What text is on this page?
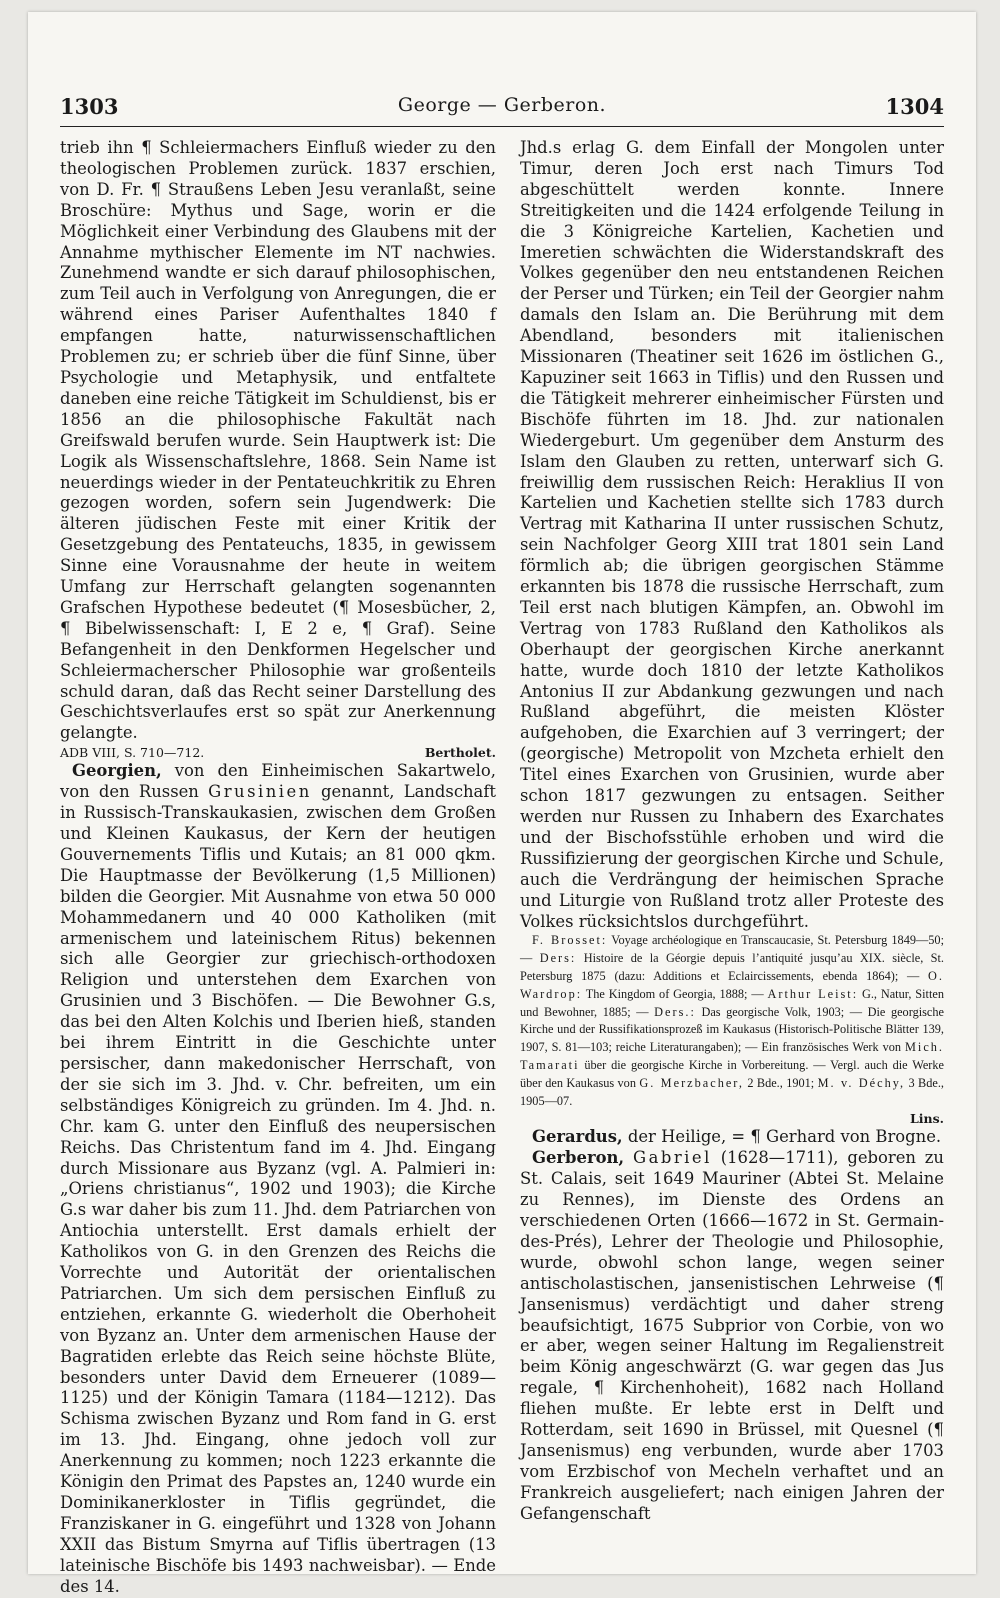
1303	George — Gerberon.	1304

trieb ihn ¶ Schleiermachers Einfluß wieder zu den theologischen Problemen zurück. 1837 erschien, von D. Fr. ¶ Straußens Leben Jesu veranlaßt, seine Broschüre: Mythus und Sage, worin er die Möglichkeit einer Verbindung des Glaubens mit der Annahme mythischer Elemente im NT nachwies. Zunehmend wandte er sich darauf philosophischen, zum Teil auch in Verfolgung von Anregungen, die er während eines Pariser Aufenthaltes 1840 f empfangen hatte, naturwissenschaftlichen Problemen zu; er schrieb über die fünf Sinne, über Psychologie und Metaphysik, und entfaltete daneben eine reiche Tätigkeit im Schuldienst, bis er 1856 an die philosophische Fakultät nach Greifswald berufen wurde. Sein Hauptwerk ist: Die Logik als Wissenschaftslehre, 1868. Sein Name ist neuerdings wieder in der Pentateuchkritik zu Ehren gezogen worden, sofern sein Jugendwerk: Die älteren jüdischen Feste mit einer Kritik der Gesetzgebung des Pentateuchs, 1835, in gewissem Sinne eine Vorausnahme der heute in weitem Umfang zur Herrschaft gelangten sogenannten Grafschen Hypothese bedeutet (¶ Mosesbücher, 2, ¶ Bibelwissenschaft: I, E 2 e, ¶ Graf). Seine Befangenheit in den Denkformen Hegelscher und Schleiermacherscher Philosophie war großenteils schuld daran, daß das Recht seiner Darstellung des Geschichtsverlaufes erst so spät zur Anerkennung gelangte.

ADB VIII, S. 710—712.	Bertholet.

Georgien, von den Einheimischen Sakartwelo, von den Russen Grusinien genannt, Landschaft in Russisch-Transkaukasien, zwischen dem Großen und Kleinen Kaukasus, der Kern der heutigen Gouvernements Tiflis und Kutais; an 81 000 qkm. Die Hauptmasse der Bevölkerung (1,5 Millionen) bilden die Georgier. Mit Ausnahme von etwa 50 000 Mohammedanern und 40 000 Katholiken (mit armenischem und lateinischem Ritus) bekennen sich alle Georgier zur griechisch-orthodoxen Religion und unterstehen dem Exarchen von Grusinien und 3 Bischöfen. — Die Bewohner G.s, das bei den Alten Kolchis und Iberien hieß, standen bei ihrem Eintritt in die Geschichte unter persischer, dann makedonischer Herrschaft, von der sie sich im 3. Jhd. v. Chr. befreiten, um ein selbständiges Königreich zu gründen. Im 4. Jhd. n. Chr. kam G. unter den Einfluß des neupersischen Reichs. Das Christentum fand im 4. Jhd. Eingang durch Missionare aus Byzanz (vgl. A. Palmieri in: „Oriens christianus“, 1902 und 1903); die Kirche G.s war daher bis zum 11. Jhd. dem Patriarchen von Antiochia unterstellt. Erst damals erhielt der Katholikos von G. in den Grenzen des Reichs die Vorrechte und Autorität der orientalischen Patriarchen. Um sich dem persischen Einfluß zu entziehen, erkannte G. wiederholt die Oberhoheit von Byzanz an. Unter dem armenischen Hause der Bagratiden erlebte das Reich seine höchste Blüte, besonders unter David dem Erneuerer (1089—1125) und der Königin Tamara (1184—1212). Das Schisma zwischen Byzanz und Rom fand in G. erst im 13. Jhd. Eingang, ohne jedoch voll zur Anerkennung zu kommen; noch 1223 erkannte die Königin den Primat des Papstes an, 1240 wurde ein Dominikanerkloster in Tiflis gegründet, die Franziskaner in G. eingeführt und 1328 von Johann XXII das Bistum Smyrna auf Tiflis übertragen (13 lateinische Bischöfe bis 1493 nachweisbar). — Ende des 14.

Jhd.s erlag G. dem Einfall der Mongolen unter Timur, deren Joch erst nach Timurs Tod abgeschüttelt werden konnte. Innere Streitigkeiten und die 1424 erfolgende Teilung in die 3 Königreiche Kartelien, Kachetien und Imeretien schwächten die Widerstandskraft des Volkes gegenüber den neu entstandenen Reichen der Perser und Türken; ein Teil der Georgier nahm damals den Islam an. Die Berührung mit dem Abendland, besonders mit italienischen Missionaren (Theatiner seit 1626 im östlichen G., Kapuziner seit 1663 in Tiflis) und den Russen und die Tätigkeit mehrerer einheimischer Fürsten und Bischöfe führten im 18. Jhd. zur nationalen Wiedergeburt. Um gegenüber dem Ansturm des Islam den Glauben zu retten, unterwarf sich G. freiwillig dem russischen Reich: Heraklius II von Kartelien und Kachetien stellte sich 1783 durch Vertrag mit Katharina II unter russischen Schutz, sein Nachfolger Georg XIII trat 1801 sein Land förmlich ab; die übrigen georgischen Stämme erkannten bis 1878 die russische Herrschaft, zum Teil erst nach blutigen Kämpfen, an. Obwohl im Vertrag von 1783 Rußland den Katholikos als Oberhaupt der georgischen Kirche anerkannt hatte, wurde doch 1810 der letzte Katholikos Antonius II zur Abdankung gezwungen und nach Rußland abgeführt, die meisten Klöster aufgehoben, die Exarchien auf 3 verringert; der (georgische) Metropolit von Mzcheta erhielt den Titel eines Exarchen von Grusinien, wurde aber schon 1817 gezwungen zu entsagen. Seither werden nur Russen zu Inhabern des Exarchates und der Bischofsstühle erhoben und wird die Russifizierung der georgischen Kirche und Schule, auch die Verdrängung der heimischen Sprache und Liturgie von Rußland trotz aller Proteste des Volkes rücksichtslos durchgeführt.

F. Brosset: Voyage archéologique en Transcaucasie, St. Petersburg 1849—50; — Ders: Histoire de la Géorgie depuis l’antiquité jusqu’au XIX. siècle, St. Petersburg 1875 (dazu: Additions et Eclaircissements, ebenda 1864); — O. Wardrop: The Kingdom of Georgia, 1888; — Arthur Leist: G., Natur, Sitten und Bewohner, 1885; — Ders.: Das georgische Volk, 1903; — Die georgische Kirche und der Russifikationsprozeß im Kaukasus (Historisch-Politische Blätter 139, 1907, S. 81—103; reiche Literaturangaben); — Ein französisches Werk von Mich. Tamarati über die georgische Kirche in Vorbereitung. — Vergl. auch die Werke über den Kaukasus von G. Merzbacher, 2 Bde., 1901; M. v. Déchy, 3 Bde., 1905—07.

Lins.

Gerardus, der Heilige, = ¶ Gerhard von Brogne.

Gerberon, Gabriel (1628—1711), geboren zu St. Calais, seit 1649 Mauriner (Abtei St. Melaine zu Rennes), im Dienste des Ordens an verschiedenen Orten (1666—1672 in St. Germain-des-Prés), Lehrer der Theologie und Philosophie, wurde, obwohl schon lange, wegen seiner antischolastischen, jansenistischen Lehrweise (¶ Jansenismus) verdächtigt und daher streng beaufsichtigt, 1675 Subprior von Corbie, von wo er aber, wegen seiner Haltung im Regalienstreit beim König angeschwärzt (G. war gegen das Jus regale, ¶ Kirchenhoheit), 1682 nach Holland fliehen mußte. Er lebte erst in Delft und Rotterdam, seit 1690 in Brüssel, mit Quesnel (¶ Jansenismus) eng verbunden, wurde aber 1703 vom Erzbischof von Mecheln verhaftet und an Frankreich ausgeliefert; nach einigen Jahren der Gefangenschaft
